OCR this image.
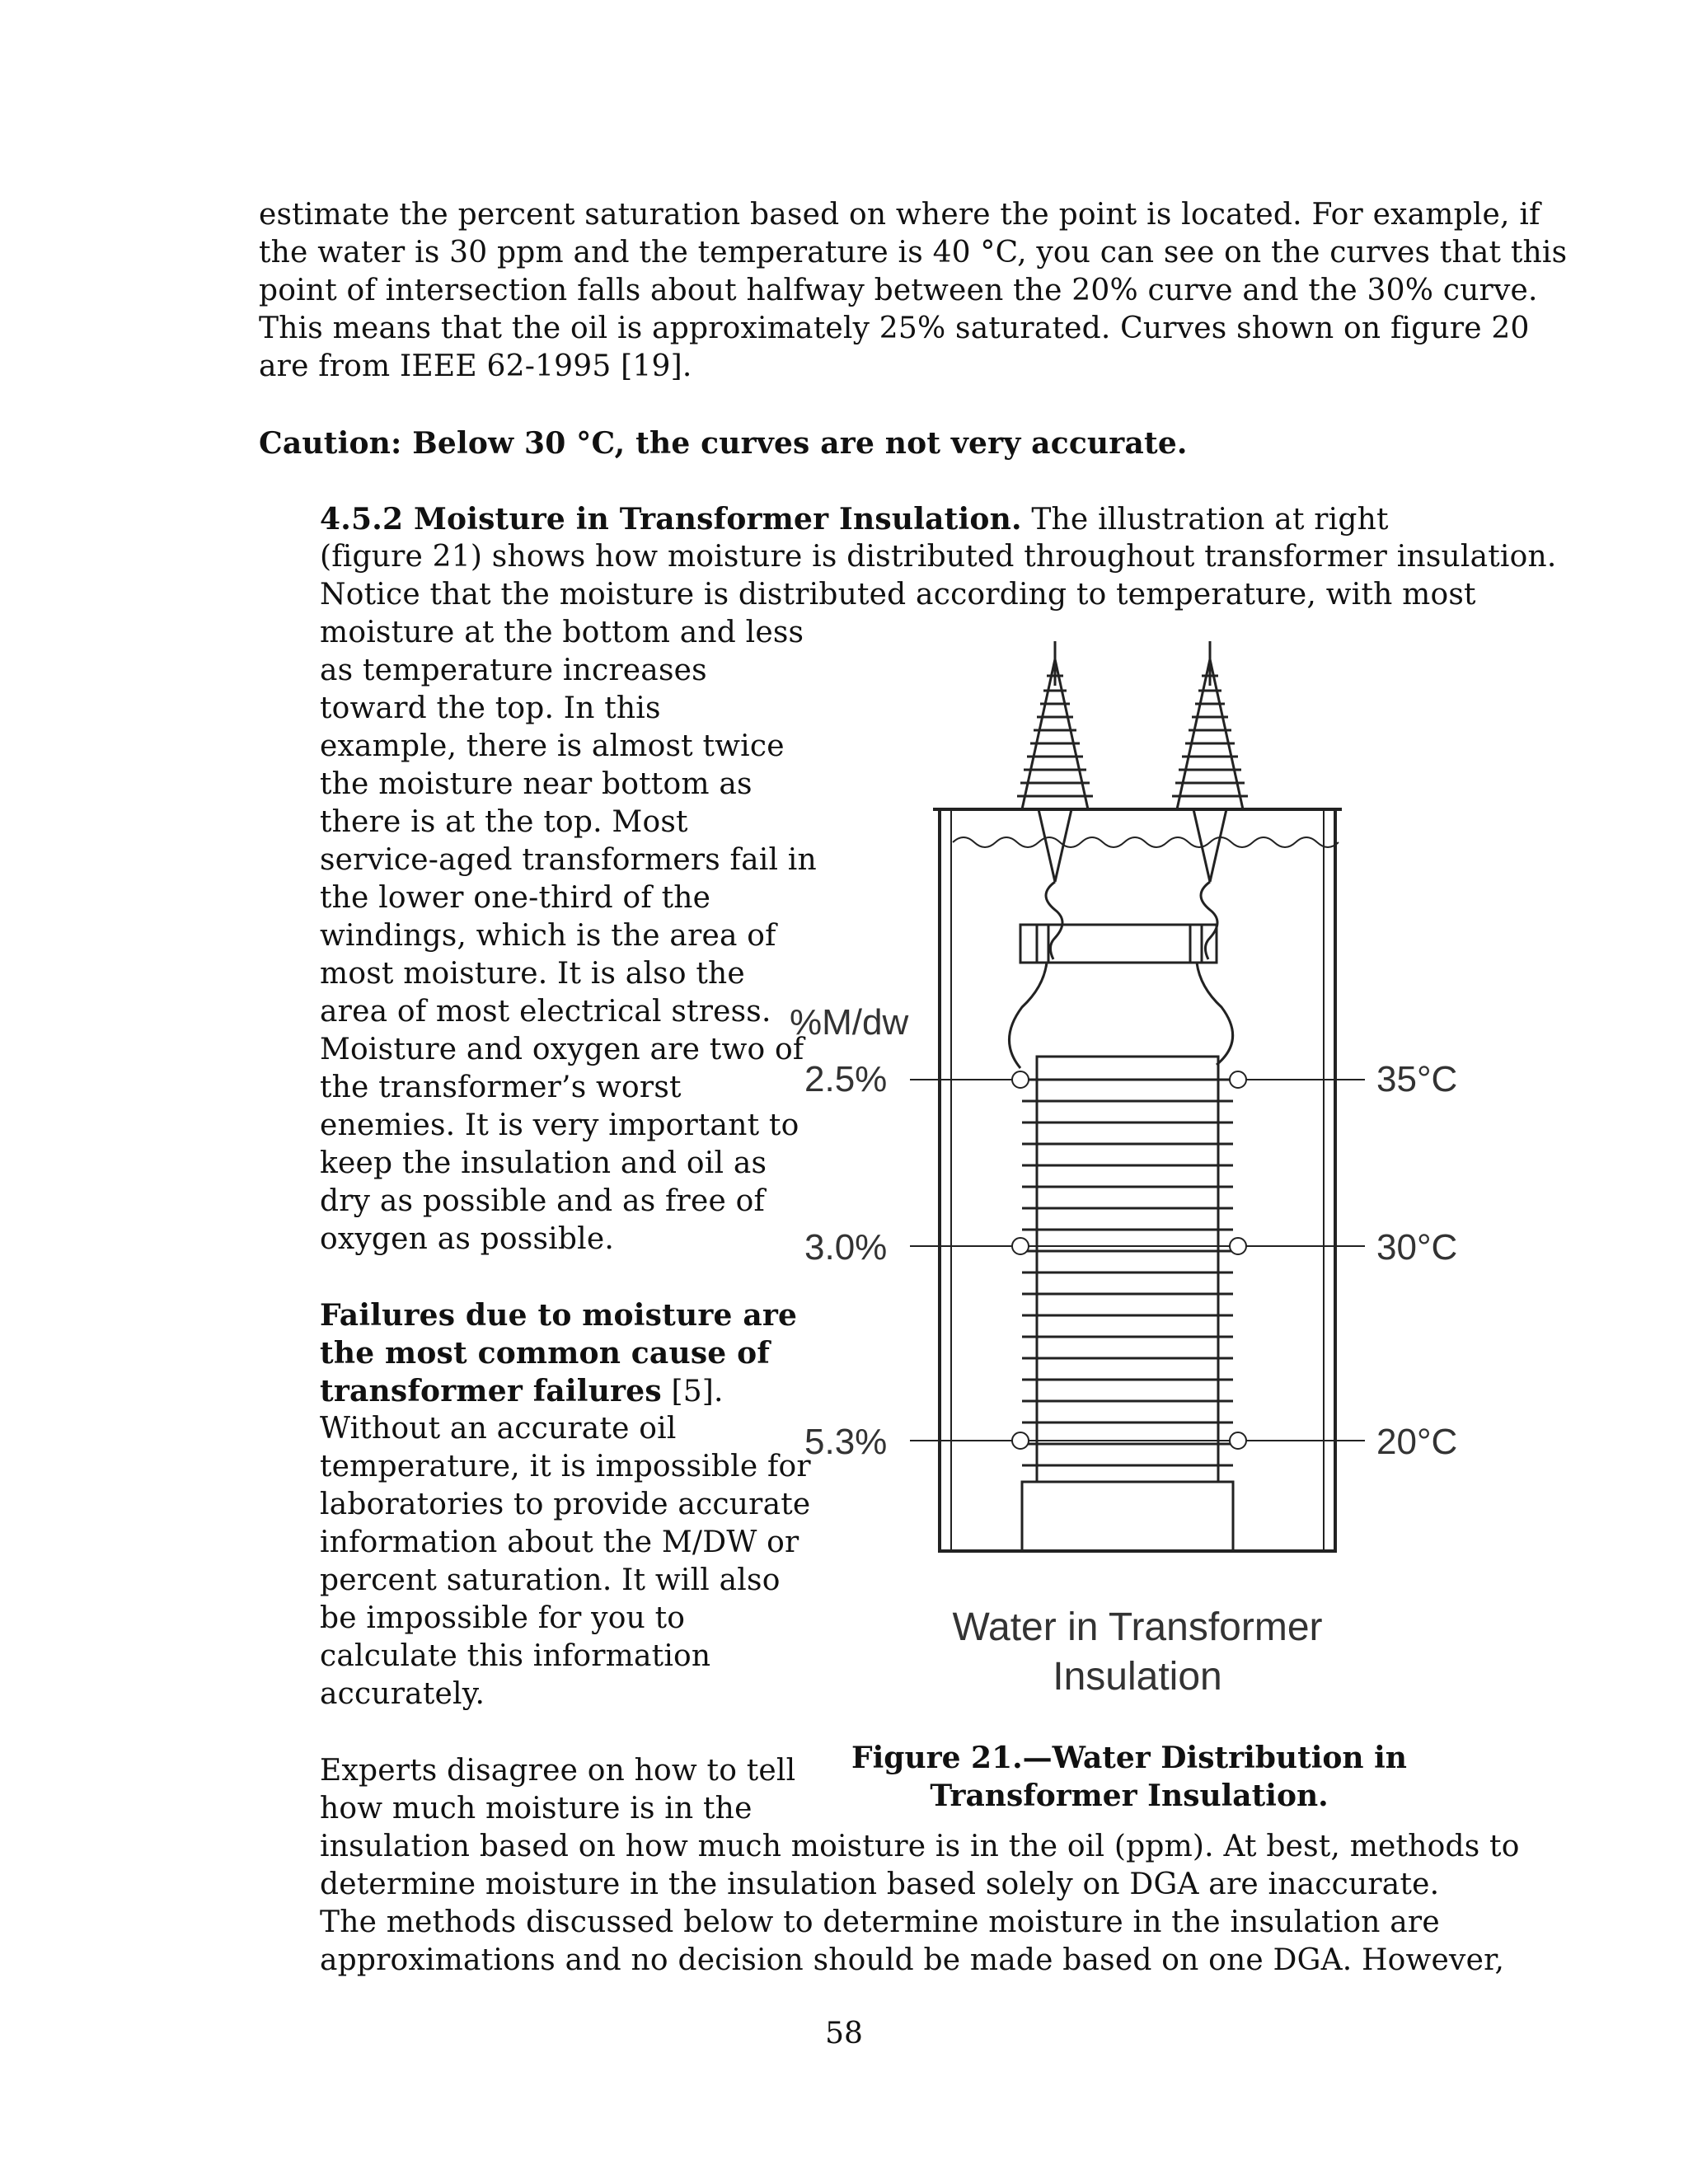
estimate the percent saturation based on where the point is located. For example, if
the water is 30 ppm and the temperature is 40 °C, you can see on the curves that this
point of intersection falls about halfway between the 20% curve and the 30% curve.
This means that the oil is approximately 25% saturated. Curves shown on figure 20
are from IEEE 62-1995 [19].
Caution: Below 30 °C, the curves are not very accurate.
4.5.2 Moisture in Transformer Insulation. The illustration at right
(figure 21) shows how moisture is distributed throughout transformer insulation.
Notice that the moisture is distributed according to temperature, with most
moisture at the bottom and less
as temperature increases
toward the top. In this
example, there is almost twice
the moisture near bottom as
there is at the top. Most
service-aged transformers fail in
the lower one-third of the
windings, which is the area of
most moisture. It is also the
area of most electrical stress.
Moisture and oxygen are two of
the transformer’s worst
enemies. It is very important to
keep the insulation and oil as
dry as possible and as free of
oxygen as possible.
Failures due to moisture are
the most common cause of
transformer failures [5].
Without an accurate oil
temperature, it is impossible for
laboratories to provide accurate
information about the M/DW or
percent saturation. It will also
be impossible for you to
calculate this information
accurately.
Experts disagree on how to tell
how much moisture is in the
insulation based on how much moisture is in the oil (ppm). At best, methods to
determine moisture in the insulation based solely on DGA are inaccurate.
The methods discussed below to determine moisture in the insulation are
approximations and no decision should be made based on one DGA. However,
%M/dw
2.5%	35°C
3.0%	30°C
5.3%	20°C
Water in Transformer
Insulation
Figure 21.—Water Distribution in
Transformer Insulation.
58
